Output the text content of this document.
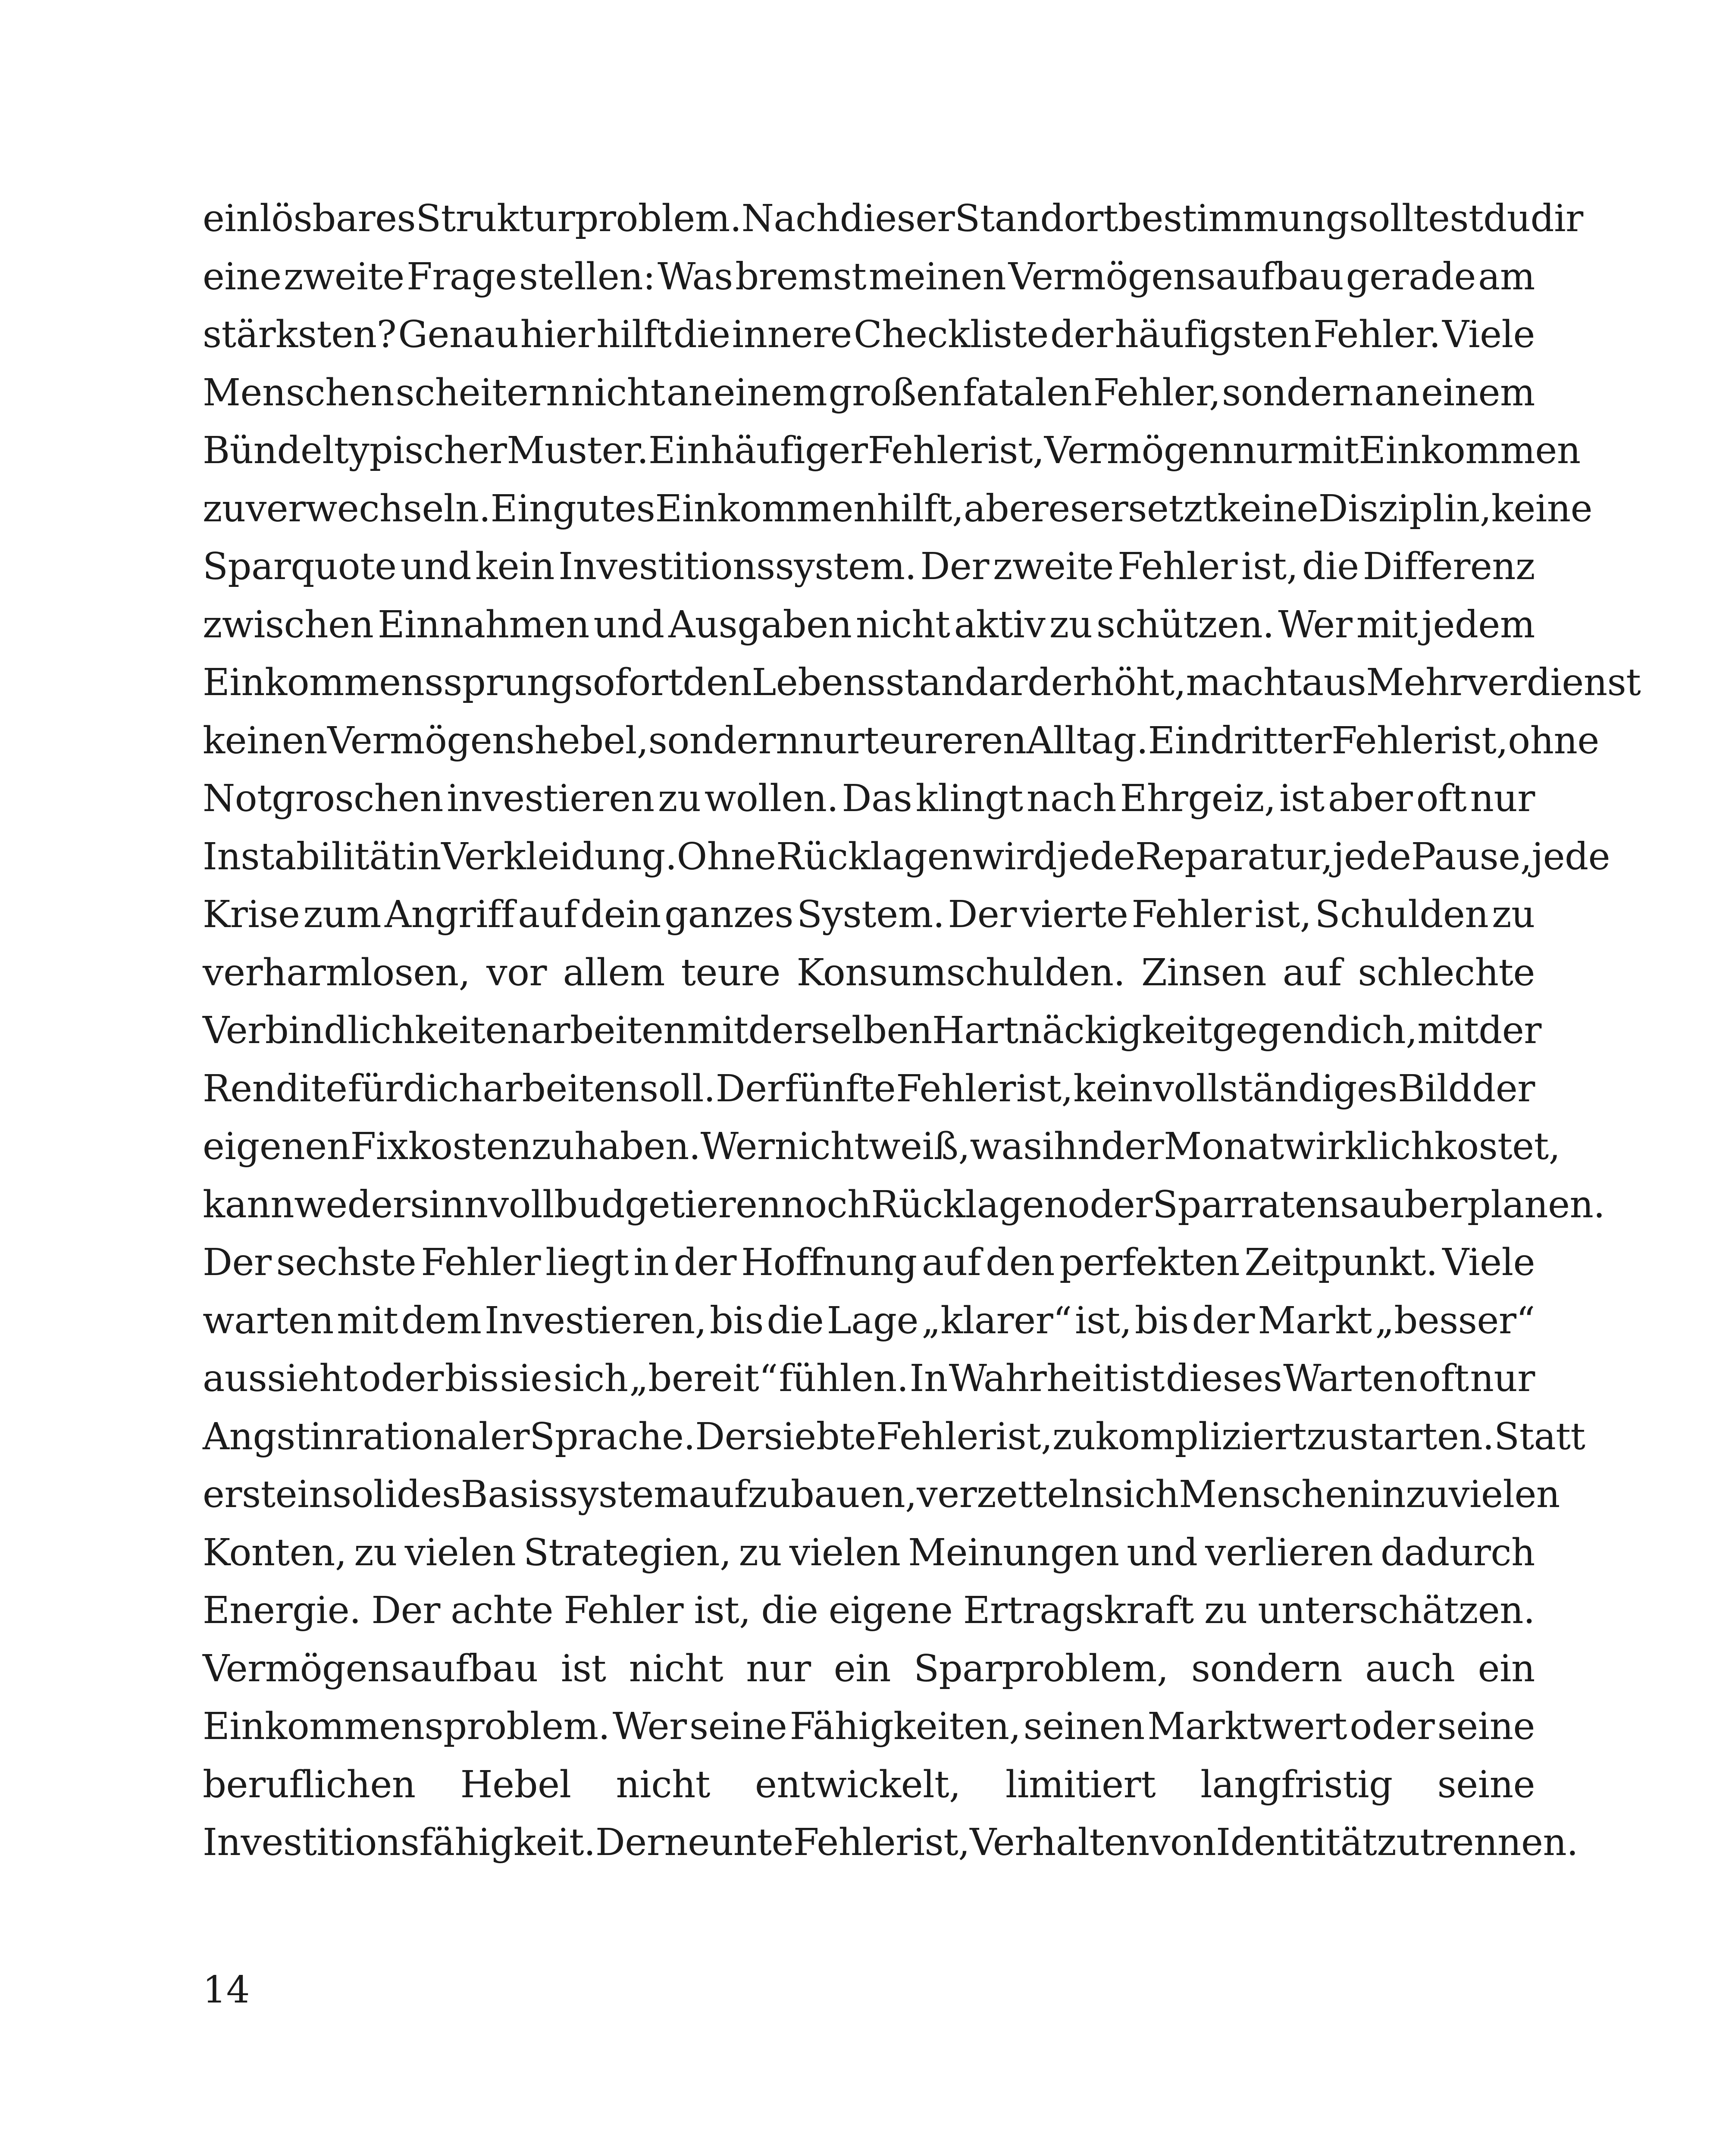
ein lösbares Strukturproblem. Nach dieser Standortbestimmung solltest du dir
eine zweite Frage stellen: Was bremst meinen Vermögensaufbau gerade am
stärksten? Genau hier hilft die innere Checkliste der häufigsten Fehler. Viele
Menschen scheitern nicht an einem großen fatalen Fehler, sondern an einem
Bündel typischer Muster. Ein häufiger Fehler ist, Vermögen nur mit Einkommen
zu verwechseln. Ein gutes Einkommen hilft, aber es ersetzt keine Disziplin, keine
Sparquote und kein Investitionssystem. Der zweite Fehler ist, die Differenz
zwischen Einnahmen und Ausgaben nicht aktiv zu schützen. Wer mit jedem
Einkommenssprung sofort den Lebensstandard erhöht, macht aus Mehrverdienst
keinen Vermögenshebel, sondern nur teureren Alltag. Ein dritter Fehler ist, ohne
Notgroschen investieren zu wollen. Das klingt nach Ehrgeiz, ist aber oft nur
Instabilität in Verkleidung. Ohne Rücklagen wird jede Reparatur, jede Pause, jede
Krise zum Angriff auf dein ganzes System. Der vierte Fehler ist, Schulden zu
verharmlosen, vor allem teure Konsumschulden. Zinsen auf schlechte
Verbindlichkeiten arbeiten mit derselben Hartnäckigkeit gegen dich, mit der
Rendite für dich arbeiten soll. Der fünfte Fehler ist, kein vollständiges Bild der
eigenen Fixkosten zu haben. Wer nicht weiß, was ihn der Monat wirklich kostet,
kann weder sinnvoll budgetieren noch Rücklagen oder Sparraten sauber planen.
Der sechste Fehler liegt in der Hoffnung auf den perfekten Zeitpunkt. Viele
warten mit dem Investieren, bis die Lage „klarer“ ist, bis der Markt „besser“
aussieht oder bis sie sich „bereit“ fühlen. In Wahrheit ist dieses Warten oft nur
Angst in rationaler Sprache. Der siebte Fehler ist, zu kompliziert zu starten. Statt
erst ein solides Basissystem aufzubauen, verzetteln sich Menschen in zu vielen
Konten, zu vielen Strategien, zu vielen Meinungen und verlieren dadurch
Energie. Der achte Fehler ist, die eigene Ertragskraft zu unterschätzen.
Vermögensaufbau ist nicht nur ein Sparproblem, sondern auch ein
Einkommensproblem. Wer seine Fähigkeiten, seinen Marktwert oder seine
beruflichen Hebel nicht entwickelt, limitiert langfristig seine
Investitionsfähigkeit. Der neunte Fehler ist, Verhalten von Identität zu trennen.

14
